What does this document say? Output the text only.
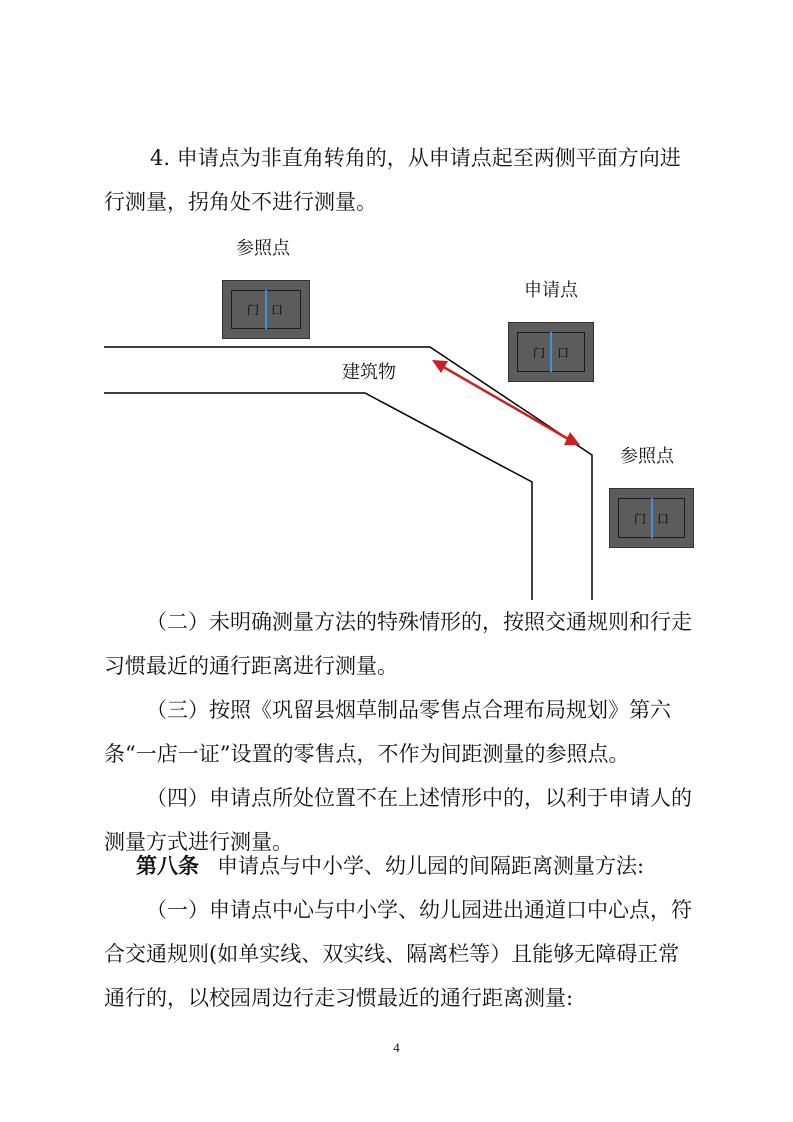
4. 申请点为非直角转角的，从申请点起至两侧平面方向进行测量，拐角处不进行测量。

参照点
申请点
参照点
建筑物
门 口
门 口
门 口

（二）未明确测量方法的特殊情形的，按照交通规则和行走习惯最近的通行距离进行测量。

（三）按照《巩留县烟草制品零售点合理布局规划》第六条“一店一证”设置的零售点，不作为间距测量的参照点。

（四）申请点所处位置不在上述情形中的，以利于申请人的测量方式进行测量。

第八条 申请点与中小学、幼儿园的间隔距离测量方法:

（一）申请点中心与中小学、幼儿园进出通道口中心点，符合交通规则(如单实线、双实线、隔离栏等）且能够无障碍正常通行的，以校园周边行走习惯最近的通行距离测量:

4
